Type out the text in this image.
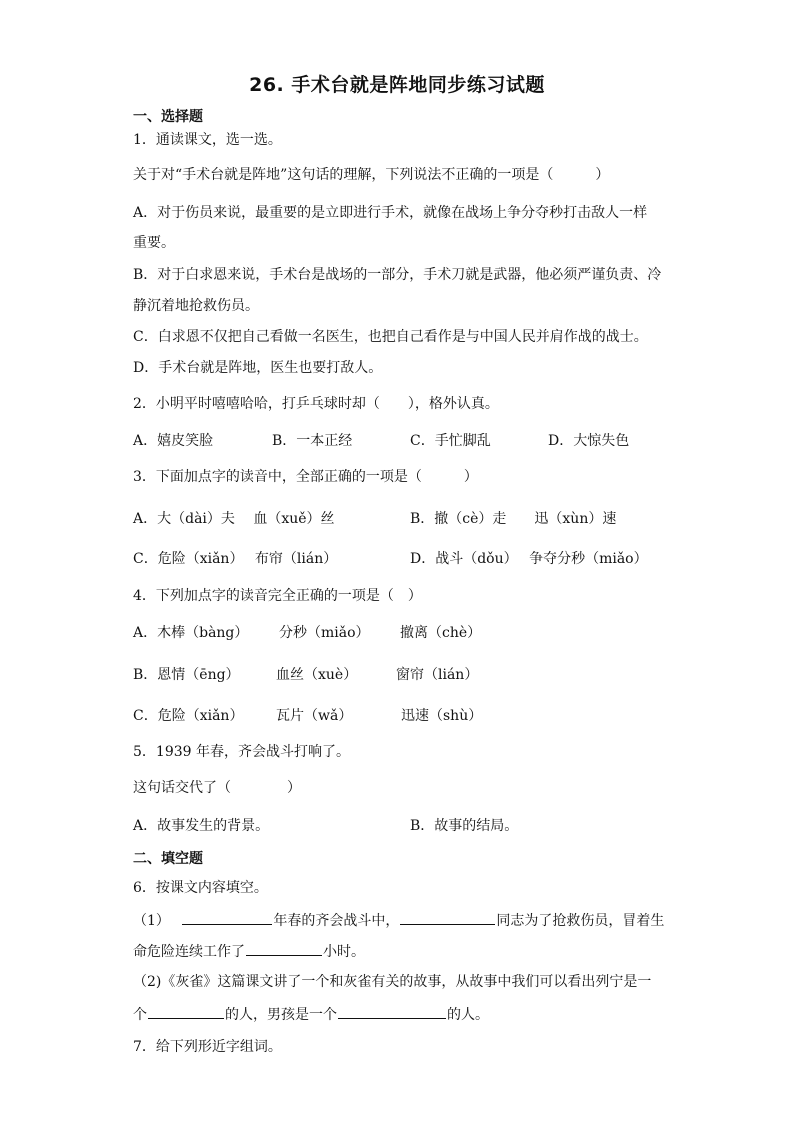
26. 手术台就是阵地同步练习试题
一、选择题
1．通读课文，选一选。
关于对“手术台就是阵地”这句话的理解，下列说法不正确的一项是（　　　）
A．对于伤员来说，最重要的是立即进行手术，就像在战场上争分夺秒打击敌人一样
重要。
B．对于白求恩来说，手术台是战场的一部分，手术刀就是武器，他必须严谨负责、冷
静沉着地抢救伤员。
C．白求恩不仅把自己看做一名医生，也把自己看作是与中国人民并肩作战的战士。
D．手术台就是阵地，医生也要打敌人。
2．小明平时嘻嘻哈哈，打乒乓球时却（　　），格外认真。
A．嬉皮笑脸	B．一本正经	C．手忙脚乱	D．大惊失色
3．下面加点字的读音中，全部正确的一项是（　　　）
A．大（dài）夫　 血（xuě）丝	B．撤（cè）走　　迅（xùn）速
C．危险（xiǎn）　 布帘（lián）	D．战斗（dǒu）　 争夺分秒（miǎo）
4．下列加点字的读音完全正确的一项是（　）
A．木棒（bàng） 分秒（miǎo） 撤离（chè）
B．恩情（ēng）	血丝（xuè）	窗帘（lián）
C．危险（xiǎn） 瓦片（wǎ）	迅速（shù）
5．1939 年春，齐会战斗打响了。
这句话交代了（　　　　）
A．故事发生的背景。	B．故事的结局。
二、填空题
6．按课文内容填空。
（1）	年春的齐会战斗中，	同志为了抢救伤员，冒着生
命危险连续工作了	小时。
（2)《灰雀》这篇课文讲了一个和灰雀有关的故事，从故事中我们可以看出列宁是一
个	的人，男孩是一个	的人。
7．给下列形近字组词。
